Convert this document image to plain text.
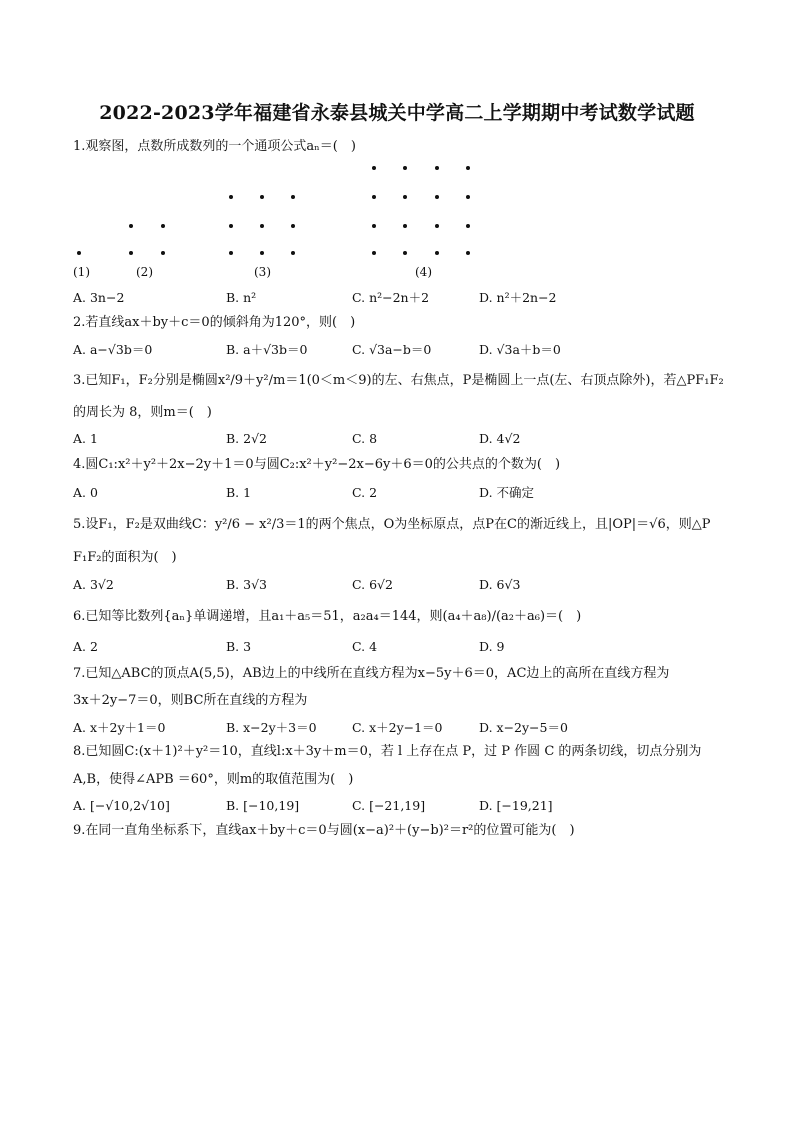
2022-2023学年福建省永泰县城关中学高二上学期期中考试数学试题
1.观察图，点数所成数列的一个通项公式aₙ＝(　)
(1)	(2)	(3)	(4)
A. 3n−2	B. n²	C. n²−2n＋2	D. n²＋2n−2
2.若直线ax＋by＋c＝0的倾斜角为120°，则(　)
A. a−√3b＝0	B. a＋√3b＝0	C. √3a−b＝0	D. √3a＋b＝0
3.已知F₁，F₂分别是椭圆x²/9＋y²/m＝1(0＜m＜9)的左、右焦点，P是椭圆上一点(左、右顶点除外)，若△PF₁F₂
的周长为 8，则m＝(　)
A. 1	B. 2√2	C. 8	D. 4√2
4.圆C₁:x²＋y²＋2x−2y＋1＝0与圆C₂:x²＋y²−2x−6y＋6＝0的公共点的个数为(　)
A. 0	B. 1	C. 2	D. 不确定
5.设F₁，F₂是双曲线C：y²/6 − x²/3＝1的两个焦点，O为坐标原点，点P在C的渐近线上，且|OP|＝√6，则△P
F₁F₂的面积为(　)
A. 3√2	B. 3√3	C. 6√2	D. 6√3
6.已知等比数列{aₙ}单调递增，且a₁＋a₅＝51，a₂a₄＝144，则(a₄＋a₈)/(a₂＋a₆)＝(　)
A. 2	B. 3	C. 4	D. 9
7.已知△ABC的顶点A(5,5)，AB边上的中线所在直线方程为x−5y＋6＝0，AC边上的高所在直线方程为
3x＋2y−7＝0，则BC所在直线的方程为
A. x＋2y＋1＝0	B. x−2y＋3＝0	C. x＋2y−1＝0	D. x−2y−5＝0
8.已知圆C:(x＋1)²＋y²＝10，直线l:x＋3y＋m＝0，若 l 上存在点 P，过 P 作圆 C 的两条切线，切点分别为
A,B，使得∠APB ＝60°，则m的取值范围为(　)
A. [−√10,2√10]	B. [−10,19]	C. [−21,19]	D. [−19,21]
9.在同一直角坐标系下，直线ax＋by＋c＝0与圆(x−a)²＋(y−b)²＝r²的位置可能为(　)
